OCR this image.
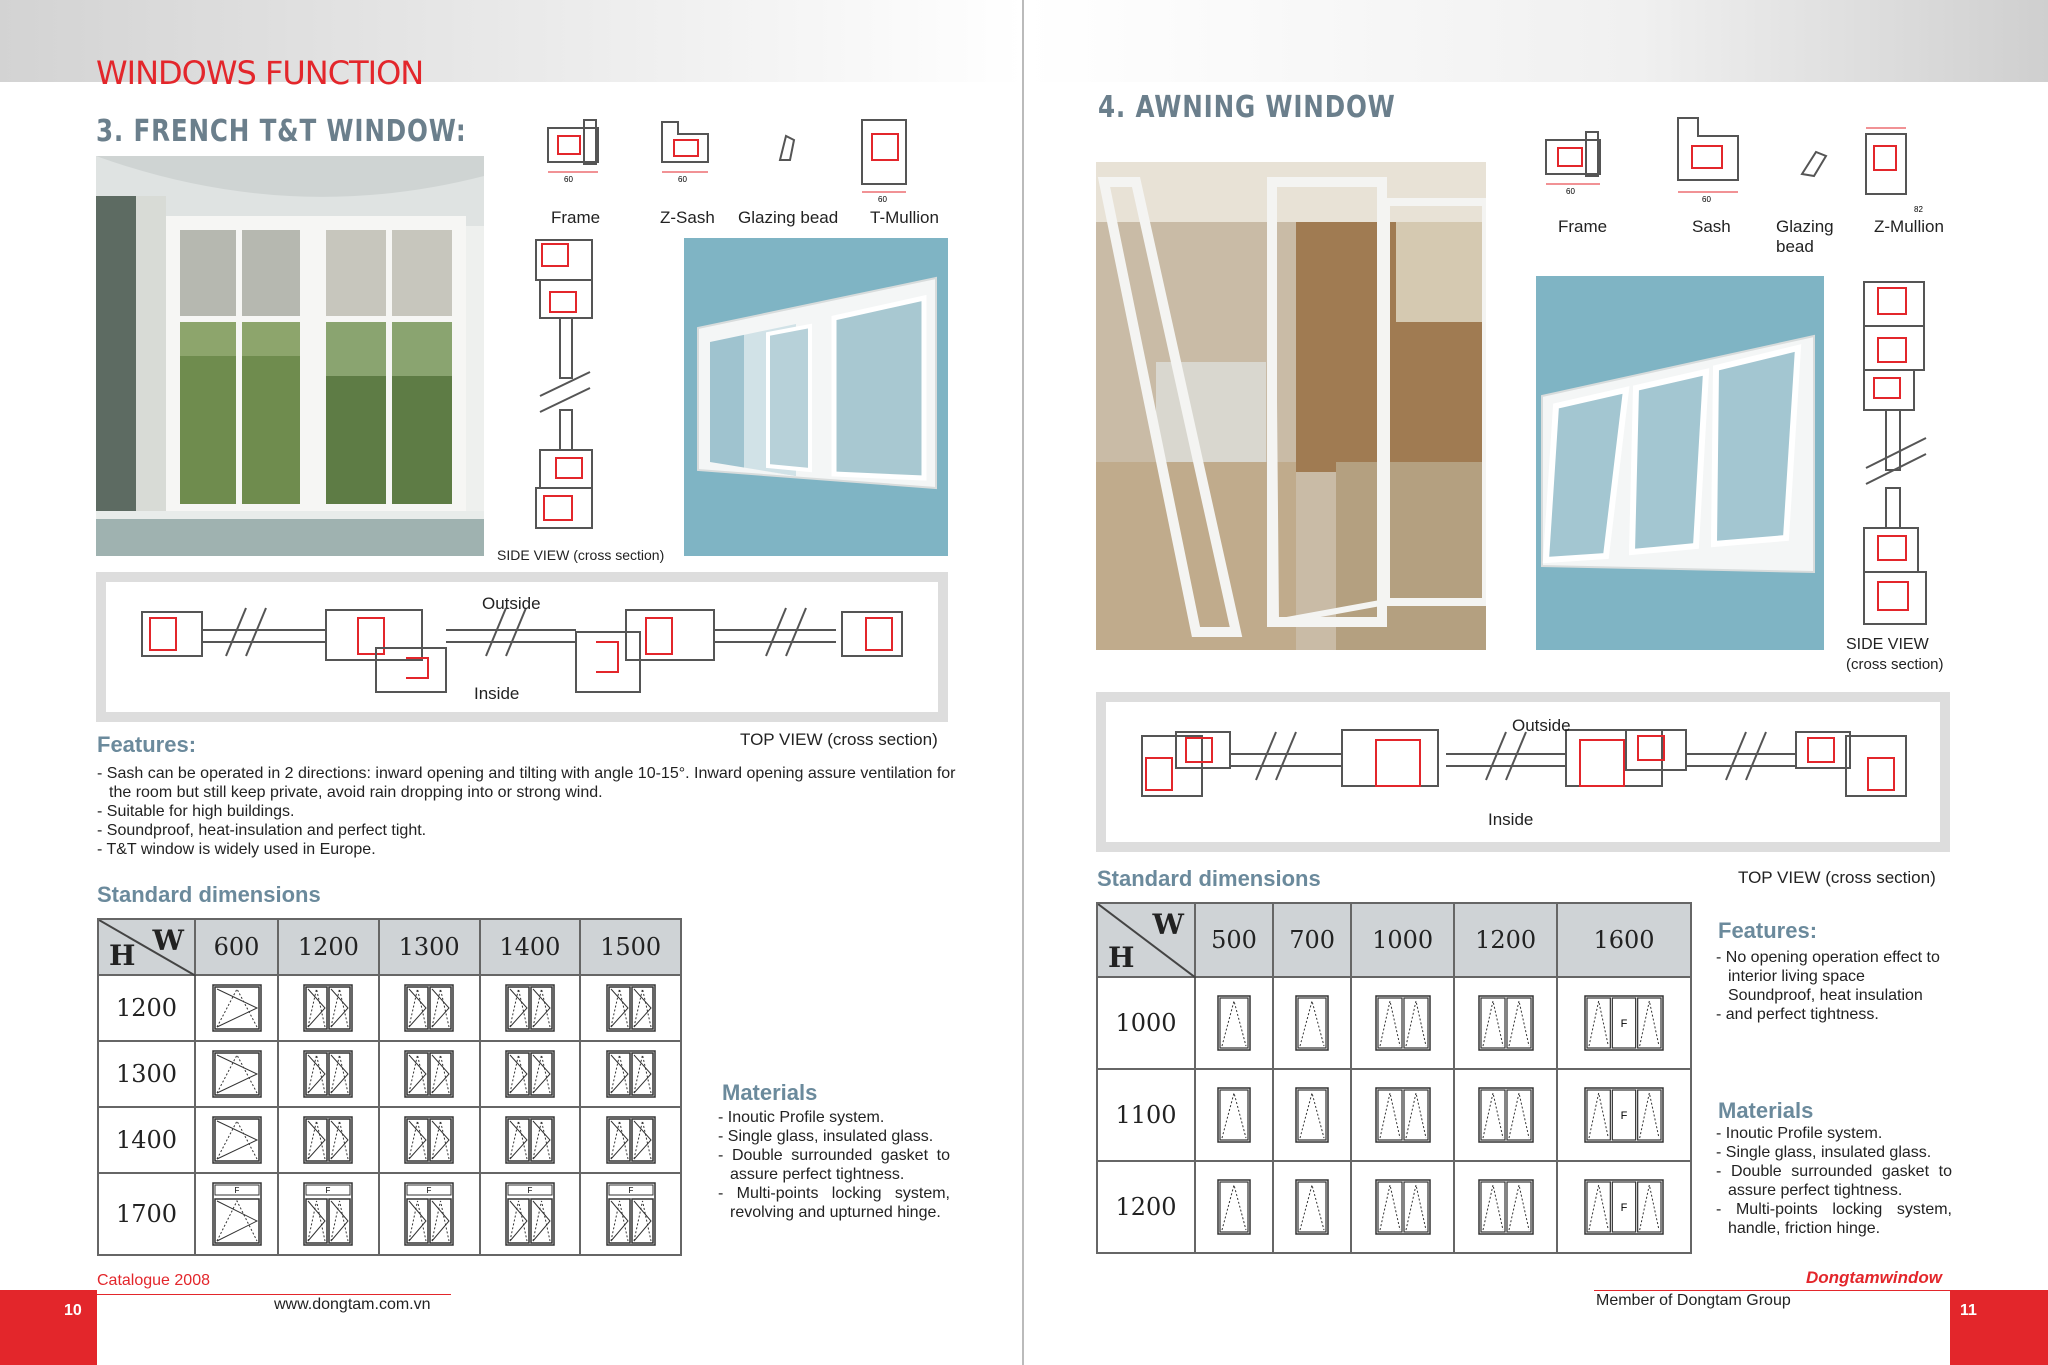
WINDOWS FUNCTION
3. FRENCH T&T WINDOW:
60	60
60
Frame	Z-Sash Glazing bead T-Mullion
SIDE VIEW (cross section)
Outside
Inside
TOP VIEW (cross section)
Features:
- Sash can be operated in 2 directions: inward opening and tilting with angle 10-15°. Inward opening assure ventilation for the room but still keep private, avoid rain dropping into or strong wind.
- Suitable for high buildings.
- Soundproof, heat-insulation and perfect tight.
- T&T window is widely used in Europe.
Standard dimensions
W
H	600	1200	1300	1400	1500
1200	

1300	

1400	

1700	F	F	F	F	F
Materials
- Inoutic Profile system.
- Single glass, insulated glass.
- Double surrounded gasket to assure perfect tightness.
- Multi-points locking system, revolving and upturned hinge.
Catalogue 2008
10	www.dongtam.com.vn
4. AWNING WINDOW
60
60
82
Frame	Sash	Glazing bead
Z-Mullion
SIDE VIEW
(cross section)
Outside
Inside
Standard dimensions	TOP VIEW (cross section)
W
H	500	700	1000	1200	1600
1000					F

1100					F

1200					F
Features:
- No opening operation effect to interior living space Soundproof, heat insulation
- and perfect tightness.
Materials
- Inoutic Profile system.
- Single glass, insulated glass.
- Double surrounded gasket to assure perfect tightness.
- Multi-points locking system, handle, friction hinge.
Dongtamwindow
Member of Dongtam Group
11
